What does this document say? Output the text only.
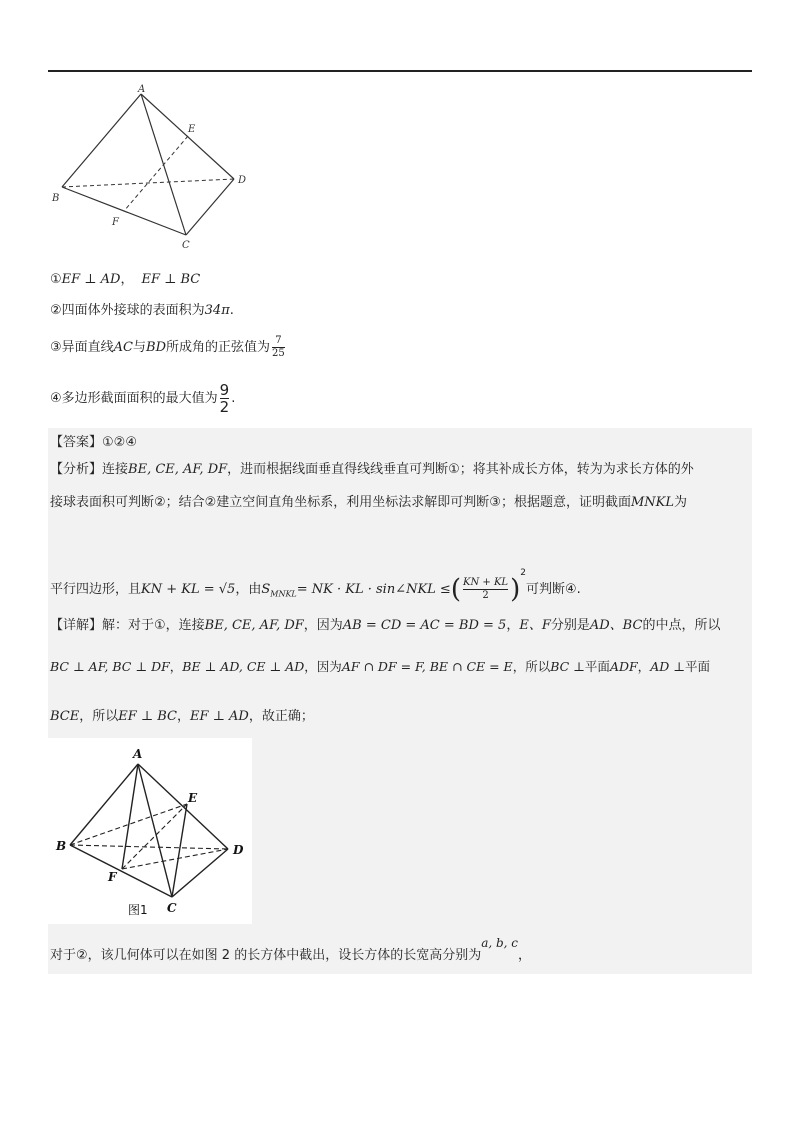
A
B
C
D
E
F
①EF ⊥ AD， EF ⊥ BC
②四面体外接球的表面积为34π.
③异面直线AC与BD所成角的正弦值为 $\frac{7}{25}$
④多边形截面面积的最大值为 $\frac{9}{2}$ .
【答案】①②④
【分析】连接BE, CE, AF, DF，进而根据线面垂直得线线垂直可判断①；将其补成长方体，转为为求长方体的外
接球表面积可判断②；结合②建立空间直角坐标系，利用坐标法求解即可判断③；根据题意，证明截面MNKL为
平行四边形，且KN + KL = √5，由$S_{MNKL}=$ NK · KL · sin∠NKL ≤( $\frac{KN + KL}{2} )^2$可判断④.
【详解】解：对于①，连接BE, CE, AF, DF，因为AB = CD = AC = BD = 5，E、F分别是AD、BC的中点，所以
BC ⊥ AF, BC ⊥ DF，BE ⊥ AD, CE ⊥ AD，因为AF ∩ DF = F, BE ∩ CE = E，所以BC ⊥平面ADF，AD ⊥平面
BCE，所以EF ⊥ BC，EF ⊥ AD，故正确；
A
B
C
D
E
F
图1
对于②，该几何体可以在如图 2 的长方体中截出，设长方体的长宽高分别为a, b, c，
